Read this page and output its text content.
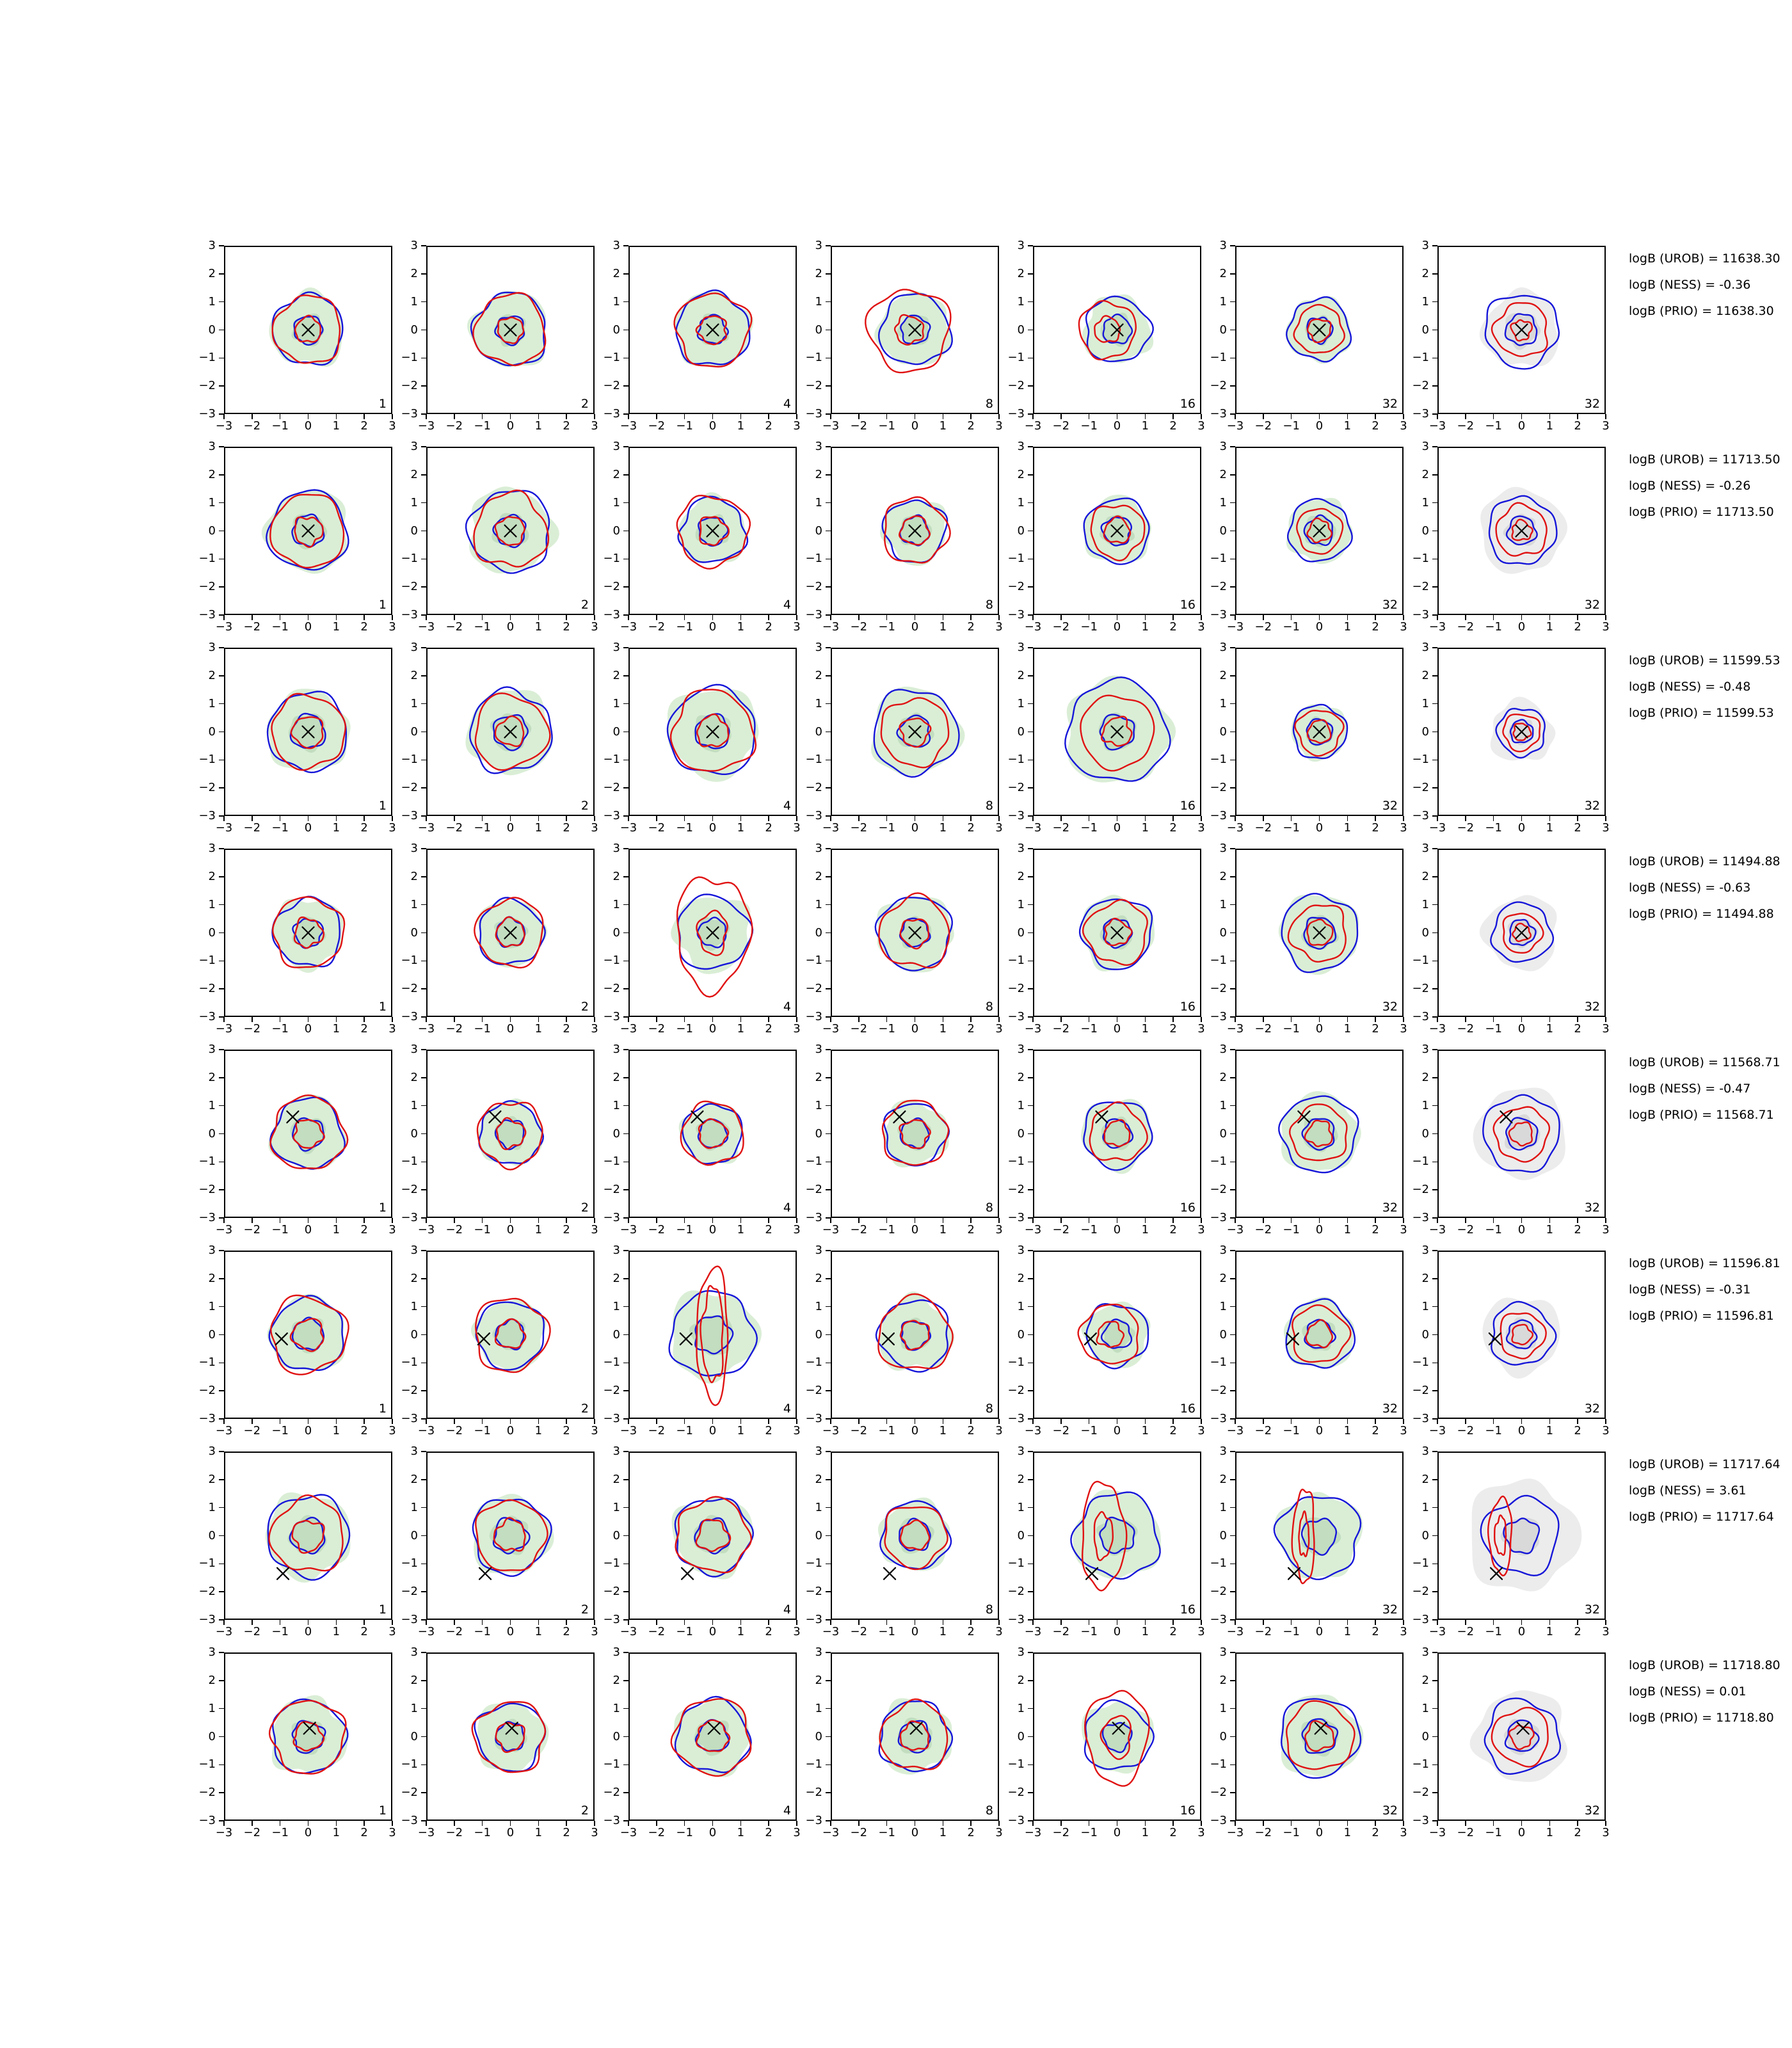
−3
−3
−2
−2
−1
−1
0
0
1
1
2
2
3
3
1
−3
−3
−2
−2
−1
−1
0
0
1
1
2
2
3
3
2
−3
−3
−2
−2
−1
−1
0
0
1
1
2
2
3
3
4
−3
−3
−2
−2
−1
−1
0
0
1
1
2
2
3
3
8
−3
−3
−2
−2
−1
−1
0
0
1
1
2
2
3
3
16
−3
−3
−2
−2
−1
−1
0
0
1
1
2
2
3
3
32
−3
−3
−2
−2
−1
−1
0
0
1
1
2
2
3
3
32
logB (UROB) = 11638.30
logB (NESS) = -0.36
logB (PRIO) = 11638.30
−3
−3
−2
−2
−1
−1
0
0
1
1
2
2
3
3
1
−3
−3
−2
−2
−1
−1
0
0
1
1
2
2
3
3
2
−3
−3
−2
−2
−1
−1
0
0
1
1
2
2
3
3
4
−3
−3
−2
−2
−1
−1
0
0
1
1
2
2
3
3
8
−3
−3
−2
−2
−1
−1
0
0
1
1
2
2
3
3
16
−3
−3
−2
−2
−1
−1
0
0
1
1
2
2
3
3
32
−3
−3
−2
−2
−1
−1
0
0
1
1
2
2
3
3
32
logB (UROB) = 11713.50
logB (NESS) = -0.26
logB (PRIO) = 11713.50
−3
−3
−2
−2
−1
−1
0
0
1
1
2
2
3
3
1
−3
−3
−2
−2
−1
−1
0
0
1
1
2
2
3
3
2
−3
−3
−2
−2
−1
−1
0
0
1
1
2
2
3
3
4
−3
−3
−2
−2
−1
−1
0
0
1
1
2
2
3
3
8
−3
−3
−2
−2
−1
−1
0
0
1
1
2
2
3
3
16
−3
−3
−2
−2
−1
−1
0
0
1
1
2
2
3
3
32
−3
−3
−2
−2
−1
−1
0
0
1
1
2
2
3
3
32
logB (UROB) = 11599.53
logB (NESS) = -0.48
logB (PRIO) = 11599.53
−3
−3
−2
−2
−1
−1
0
0
1
1
2
2
3
3
1
−3
−3
−2
−2
−1
−1
0
0
1
1
2
2
3
3
2
−3
−3
−2
−2
−1
−1
0
0
1
1
2
2
3
3
4
−3
−3
−2
−2
−1
−1
0
0
1
1
2
2
3
3
8
−3
−3
−2
−2
−1
−1
0
0
1
1
2
2
3
3
16
−3
−3
−2
−2
−1
−1
0
0
1
1
2
2
3
3
32
−3
−3
−2
−2
−1
−1
0
0
1
1
2
2
3
3
32
logB (UROB) = 11494.88
logB (NESS) = -0.63
logB (PRIO) = 11494.88
−3
−3
−2
−2
−1
−1
0
0
1
1
2
2
3
3
1
−3
−3
−2
−2
−1
−1
0
0
1
1
2
2
3
3
2
−3
−3
−2
−2
−1
−1
0
0
1
1
2
2
3
3
4
−3
−3
−2
−2
−1
−1
0
0
1
1
2
2
3
3
8
−3
−3
−2
−2
−1
−1
0
0
1
1
2
2
3
3
16
−3
−3
−2
−2
−1
−1
0
0
1
1
2
2
3
3
32
−3
−3
−2
−2
−1
−1
0
0
1
1
2
2
3
3
32
logB (UROB) = 11568.71
logB (NESS) = -0.47
logB (PRIO) = 11568.71
−3
−3
−2
−2
−1
−1
0
0
1
1
2
2
3
3
1
−3
−3
−2
−2
−1
−1
0
0
1
1
2
2
3
3
2
−3
−3
−2
−2
−1
−1
0
0
1
1
2
2
3
3
4
−3
−3
−2
−2
−1
−1
0
0
1
1
2
2
3
3
8
−3
−3
−2
−2
−1
−1
0
0
1
1
2
2
3
3
16
−3
−3
−2
−2
−1
−1
0
0
1
1
2
2
3
3
32
−3
−3
−2
−2
−1
−1
0
0
1
1
2
2
3
3
32
logB (UROB) = 11596.81
logB (NESS) = -0.31
logB (PRIO) = 11596.81
−3
−3
−2
−2
−1
−1
0
0
1
1
2
2
3
3
1
−3
−3
−2
−2
−1
−1
0
0
1
1
2
2
3
3
2
−3
−3
−2
−2
−1
−1
0
0
1
1
2
2
3
3
4
−3
−3
−2
−2
−1
−1
0
0
1
1
2
2
3
3
8
−3
−3
−2
−2
−1
−1
0
0
1
1
2
2
3
3
16
−3
−3
−2
−2
−1
−1
0
0
1
1
2
2
3
3
32
−3
−3
−2
−2
−1
−1
0
0
1
1
2
2
3
3
32
logB (UROB) = 11717.64
logB (NESS) = 3.61
logB (PRIO) = 11717.64
−3
−3
−2
−2
−1
−1
0
0
1
1
2
2
3
3
1
−3
−3
−2
−2
−1
−1
0
0
1
1
2
2
3
3
2
−3
−3
−2
−2
−1
−1
0
0
1
1
2
2
3
3
4
−3
−3
−2
−2
−1
−1
0
0
1
1
2
2
3
3
8
−3
−3
−2
−2
−1
−1
0
0
1
1
2
2
3
3
16
−3
−3
−2
−2
−1
−1
0
0
1
1
2
2
3
3
32
−3
−3
−2
−2
−1
−1
0
0
1
1
2
2
3
3
32
logB (UROB) = 11718.80
logB (NESS) = 0.01
logB (PRIO) = 11718.80
